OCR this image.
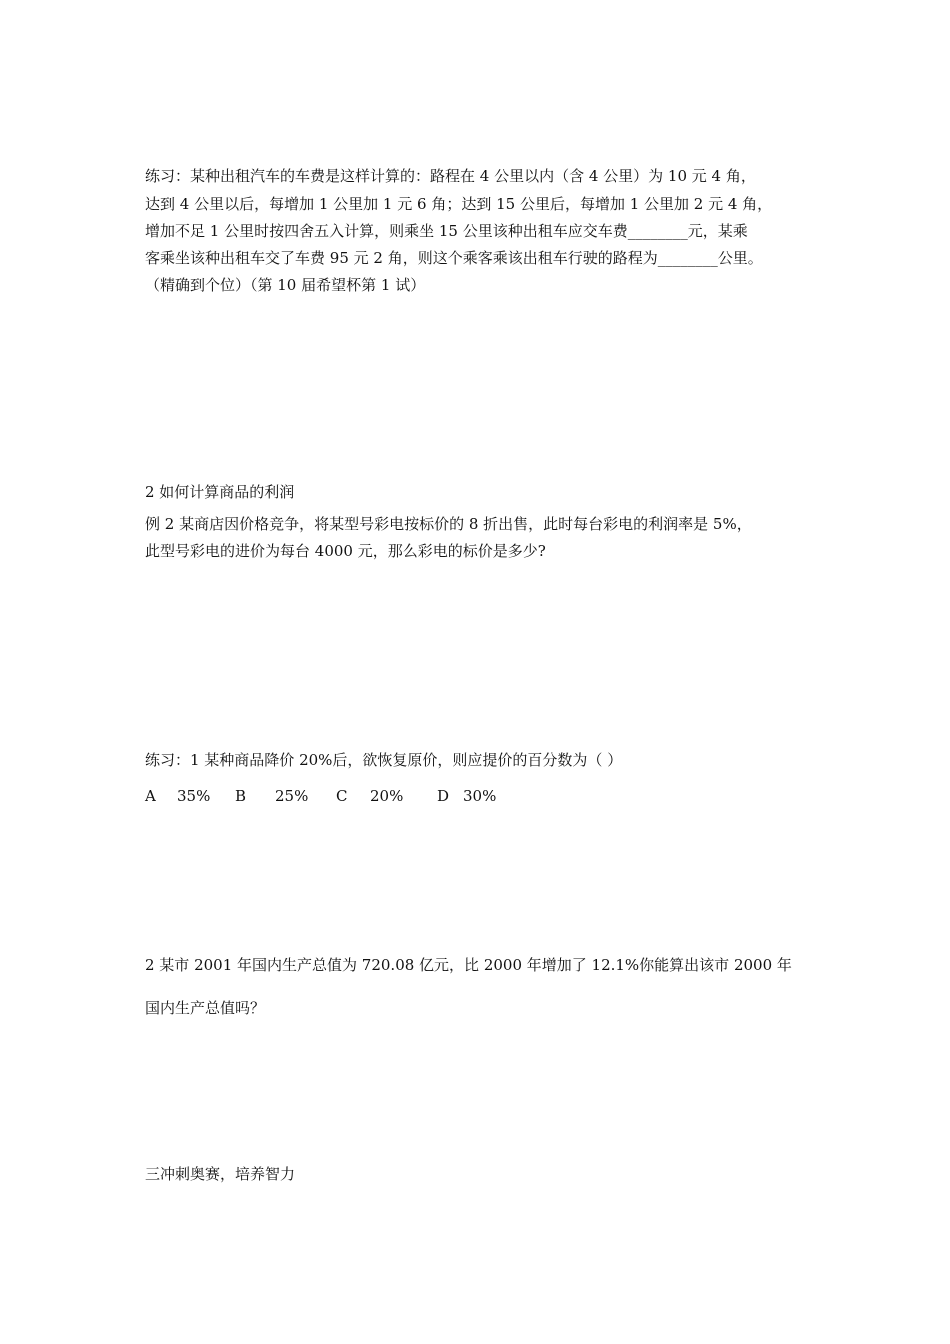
练习：某种出租汽车的车费是这样计算的：路程在 4 公里以内（含 4 公里）为 10 元 4 角，
达到 4 公里以后，每增加 1 公里加 1 元 6 角；达到 15 公里后，每增加 1 公里加 2 元 4 角，
增加不足 1 公里时按四舍五入计算，则乘坐 15 公里该种出租车应交车费________元，某乘
客乘坐该种出租车交了车费 95 元 2 角，则这个乘客乘该出租车行驶的路程为________公里。
（精确到个位）（第 10 届希望杯第 1 试）
2 如何计算商品的利润
例 2 某商店因价格竞争，将某型号彩电按标价的 8 折出售，此时每台彩电的利润率是 5%，
此型号彩电的进价为每台 4000 元，那么彩电的标价是多少?
练习：1 某种商品降价 20%后，欲恢复原价，则应提价的百分数为（ ）
A 35% B 25% C 20% D 30%
2 某市 2001 年国内生产总值为 720.08 亿元，比 2000 年增加了 12.1%你能算出该市 2000 年
国内生产总值吗？
三冲刺奥赛，培养智力
